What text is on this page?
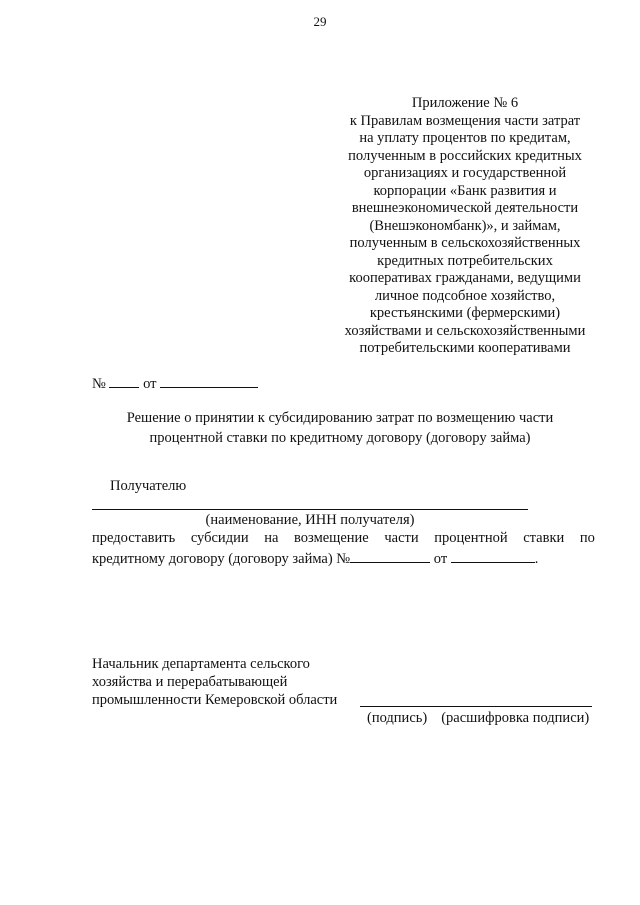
29
Приложение № 6
к Правилам возмещения части затрат
на уплату процентов по кредитам,
полученным в российских кредитных
организациях и государственной
корпорации «Банк развития и
внешнеэкономической деятельности
(Внешэкономбанк)», и займам,
полученным в сельскохозяйственных
кредитных потребительских
кооперативах гражданами, ведущими
личное подсобное хозяйство,
крестьянскими (фермерскими)
хозяйствами и сельскохозяйственными
потребительскими кооперативами
№	от
Решение о принятии к субсидированию затрат по возмещению части
процентной ставки по кредитному договору (договору займа)
Получателю
(наименование, ИНН получателя)
предоставить субсидии на возмещение части процентной ставки по
кредитному договору (договору займа) №	от	.
Начальник департамента сельского
хозяйства и перерабатывающей
промышленности Кемеровской области
(подпись) (расшифровка подписи)
